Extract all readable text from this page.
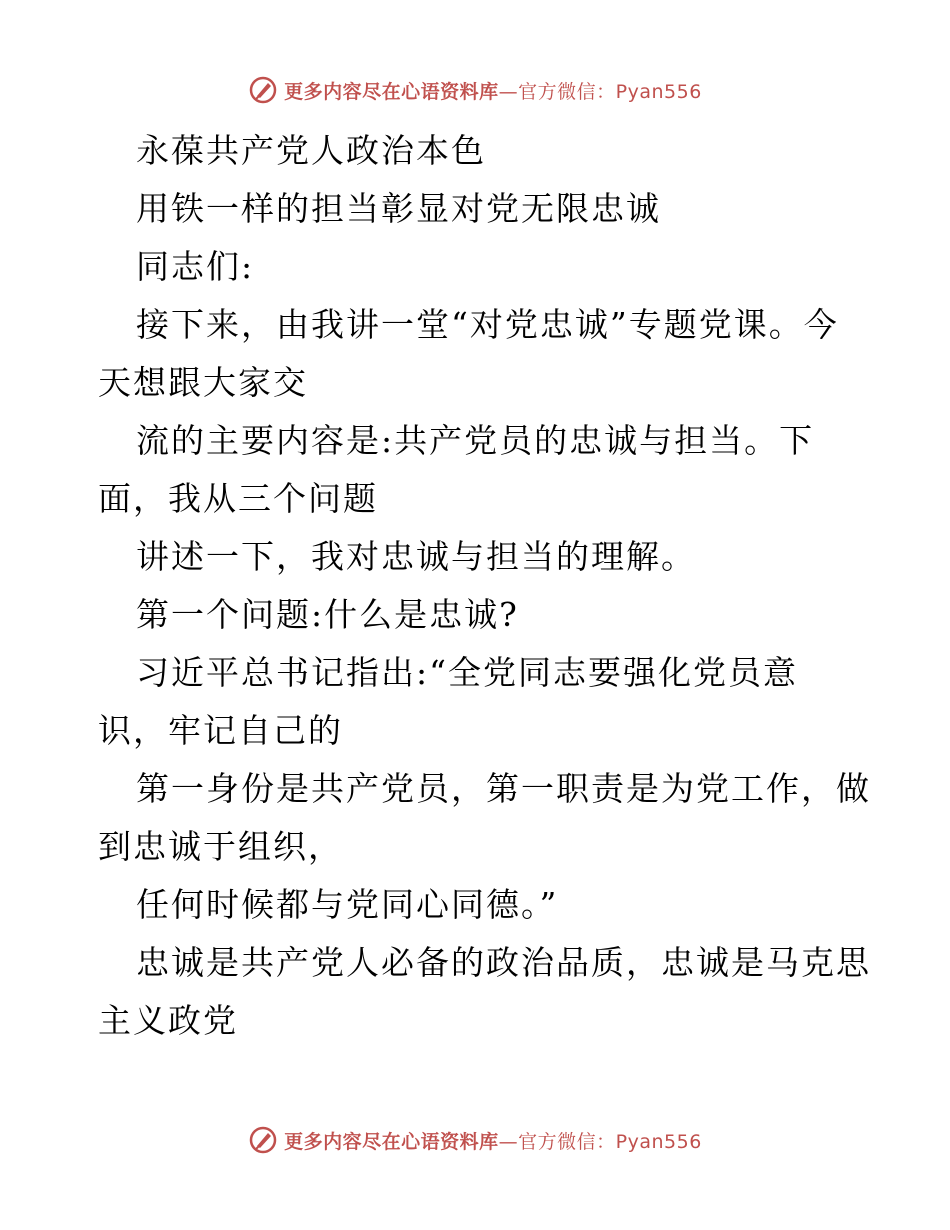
更多内容尽在心语资料库—官方微信：Pyan556
永葆共产党人政治本色
用铁一样的担当彰显对党无限忠诚
同志们:
接下来，由我讲一堂“对党忠诚”专题党课。今
天想跟大家交
流的主要内容是:共产党员的忠诚与担当。下
面，我从三个问题
讲述一下，我对忠诚与担当的理解。
第一个问题:什么是忠诚?
习近平总书记指出:“全党同志要强化党员意
识，牢记自己的
第一身份是共产党员，第一职责是为党工作，做
到忠诚于组织，
任何时候都与党同心同德。”
忠诚是共产党人必备的政治品质，忠诚是马克思
主义政党
更多内容尽在心语资料库—官方微信：Pyan556
